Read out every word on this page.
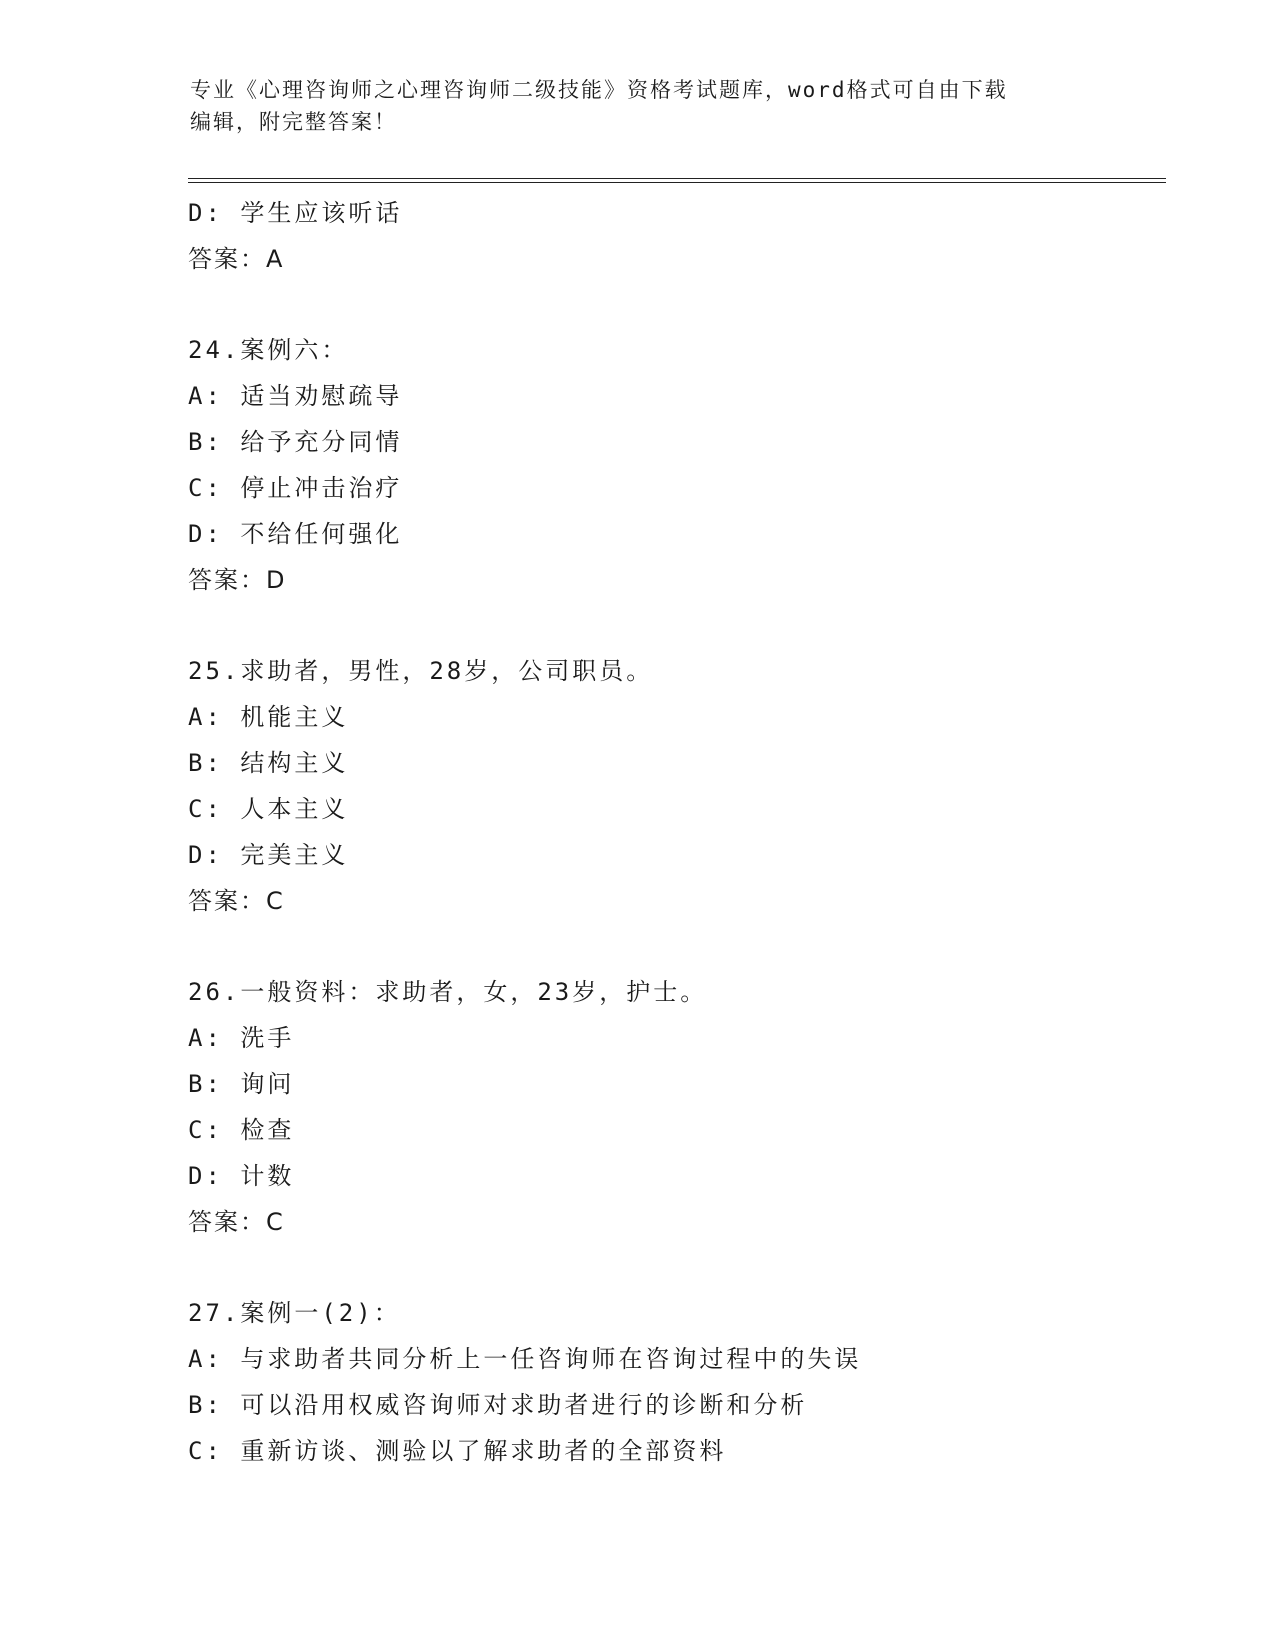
专业《心理咨询师之心理咨询师二级技能》资格考试题库，word格式可自由下载
编辑，附完整答案！
D: 学生应该听话
答案：A
24.案例六：
A: 适当劝慰疏导
B: 给予充分同情
C: 停止冲击治疗
D: 不给任何强化
答案：D
25.求助者，男性，28岁，公司职员。
A: 机能主义
B: 结构主义
C: 人本主义
D: 完美主义
答案：C
26.一般资料：求助者，女，23岁，护士。
A: 洗手
B: 询问
C: 检查
D: 计数
答案：C
27.案例一(2)：
A: 与求助者共同分析上一任咨询师在咨询过程中的失误
B: 可以沿用权威咨询师对求助者进行的诊断和分析
C: 重新访谈、测验以了解求助者的全部资料
